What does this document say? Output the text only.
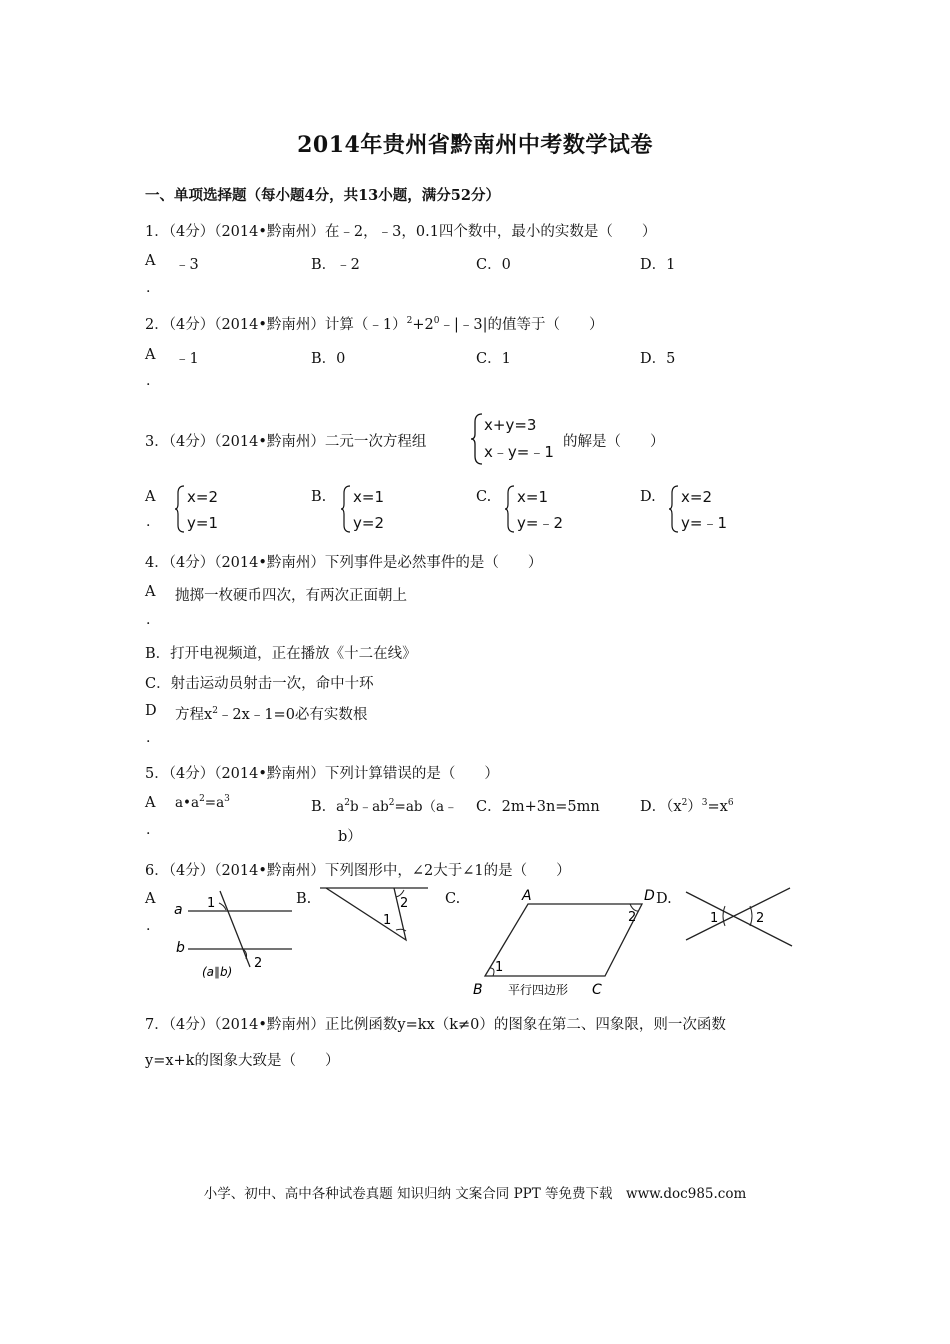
2014年贵州省黔南州中考数学试卷
一、单项选择题（每小题4分，共13小题，满分52分）
1．（4分）（2014•黔南州）在﹣2，﹣3，0.1四个数中，最小的实数是（　　）
A ﹣3
.
B．﹣2	C．0	D．1
2．（4分）（2014•黔南州）计算$(﹣1)^2+2^0﹣|﹣3|$的值等于（　　）
A ﹣1
.
B．0	C．1	D．5
3．（4分）（2014•黔南州）二元一次方程组
x+y=3
x﹣y=﹣1
的解是（　　）
A
.
x=2
y=1
B. x=1
y=2
C. x=1
y=﹣2
D. x=2
y=﹣1
4．（4分）（2014•黔南州）下列事件是必然事件的是（　　）
A 抛掷一枚硬币四次，有两次正面朝上
.
B．打开电视频道，正在播放《十二在线》
C．射击运动员射击一次，命中十环
D 方程$x^2﹣2x﹣1=0$必有实数根
.
5．（4分）（2014•黔南州）下列计算错误的是（　　）
A $a•a^2=a^3$
.
B．$a^2b﹣ab^2=ab(a﹣$
b）
C．2m+3n=5mn	D．$(x^2)^3=x^6$
6．（4分）（2014•黔南州）下列图形中，∠2大于∠1的是（　　）
A
.
a
b
1
2
(a∥b)
B.
1
2	C.	A	D
B	C
1
2
平行四边形
D.
1	2
7．（4分）（2014•黔南州）正比例函数y=kx（k≠0）的图象在第二、四象限，则一次函数
y=x+k的图象大致是（　　）
小学、初中、高中各种试卷真题 知识归纳 文案合同 PPT 等免费下载　www.doc985.com
